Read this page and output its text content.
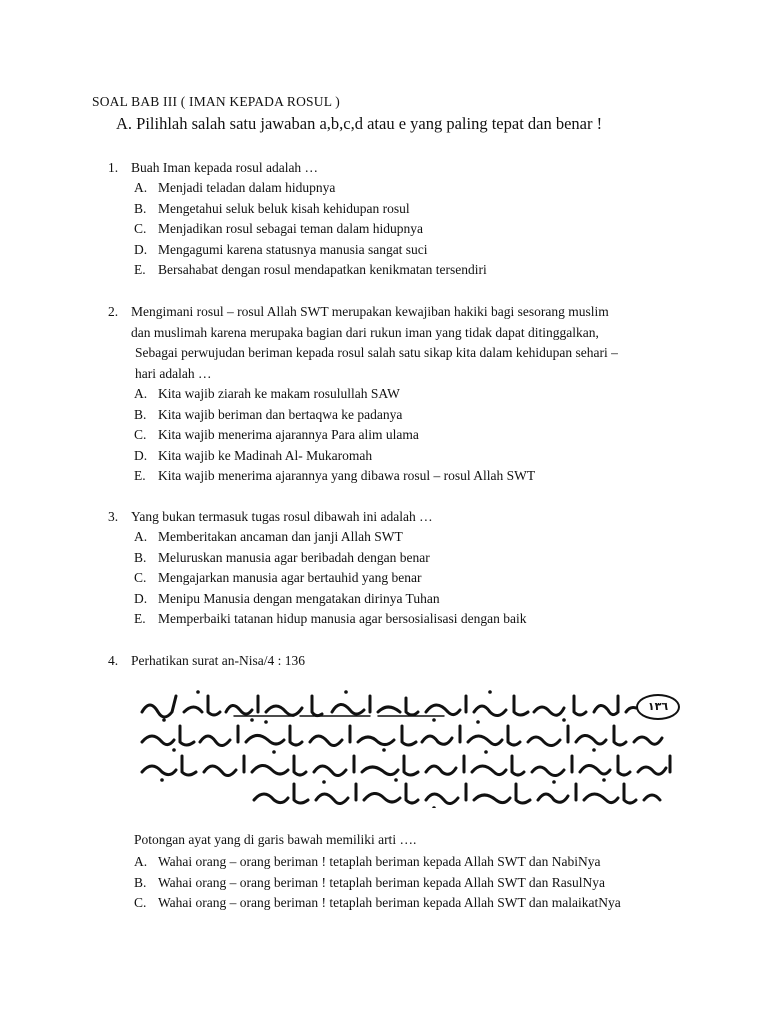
SOAL BAB III ( IMAN KEPADA ROSUL )
A. Pilihlah salah satu jawaban a,b,c,d atau e yang paling tepat dan benar !
1. Buah Iman kepada rosul adalah …
A. Menjadi teladan dalam hidupnya
B. Mengetahui seluk beluk kisah kehidupan rosul
C. Menjadikan rosul sebagai teman dalam hidupnya
D. Mengagumi karena statusnya manusia sangat suci
E. Bersahabat dengan rosul mendapatkan kenikmatan tersendiri
2. Mengimani rosul – rosul Allah SWT merupakan kewajiban hakiki bagi sesorang muslim
dan muslimah karena merupaka bagian dari rukun iman yang tidak dapat ditinggalkan,
Sebagai perwujudan beriman kepada rosul salah satu sikap kita dalam kehidupan sehari –
hari adalah …
A. Kita wajib ziarah ke makam rosulullah SAW
B. Kita wajib beriman dan bertaqwa ke padanya
C. Kita wajib menerima ajarannya Para alim ulama
D. Kita wajib ke Madinah Al- Mukaromah
E. Kita wajib menerima ajarannya yang dibawa rosul – rosul Allah SWT
3. Yang bukan termasuk tugas rosul dibawah ini adalah …
A. Memberitakan ancaman dan janji Allah SWT
B. Meluruskan manusia agar beribadah dengan benar
C. Mengajarkan manusia agar bertauhid yang benar
D. Menipu Manusia dengan mengatakan dirinya Tuhan
E. Memperbaiki tatanan hidup manusia agar bersosialisasi dengan baik
4. Perhatikan surat an-Nisa/4 : 136
١٣٦
Potongan ayat yang di garis bawah memiliki arti ….
A. Wahai orang – orang beriman ! tetaplah beriman kepada Allah SWT dan NabiNya
B. Wahai orang – orang beriman ! tetaplah beriman kepada Allah SWT dan RasulNya
C. Wahai orang – orang beriman ! tetaplah beriman kepada Allah SWT dan malaikatNya
